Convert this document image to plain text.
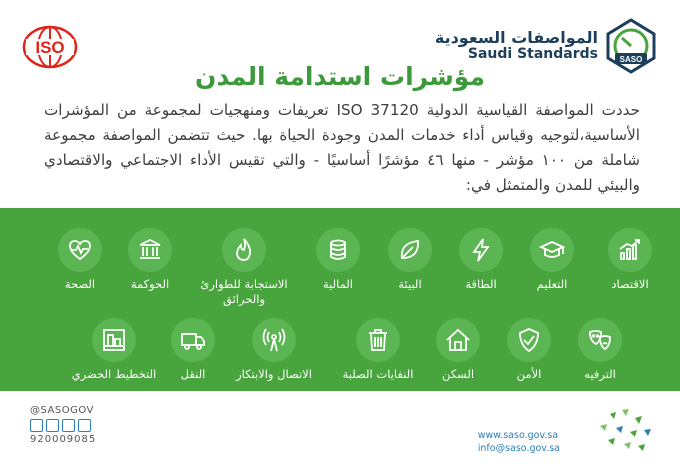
ISO
المواصفات السعودية
Saudi Standards	SASO
مؤشرات استدامة المدن
حددت المواصفة القياسية الدولية ISO 37120 تعريفات ومنهجيات لمجموعة من المؤشرات الأساسية،لتوجيه وقياس أداء خدمات المدن وجودة الحياة بها. حيث تتضمن المواصفة مجموعة شاملة من ١٠٠ مؤشر - منها ٤٦ مؤشرًا أساسيًا - والتي تقيس الأداء الاجتماعي والاقتصادي والبيئي للمدن والمتمثل في:
الاقتصاد
التعليم
الطاقة
البيئة
المالية
الاستجابة للطوارئ والحرائق
الحوكمة
الصحة
الترفيه
الأمن
السكن
النفايات الصلبة
الاتصال والابتكار
النقل
التخطيط الحضري
@SASOGOV
920009085	www.saso.gov.sa
info@saso.gov.sa
